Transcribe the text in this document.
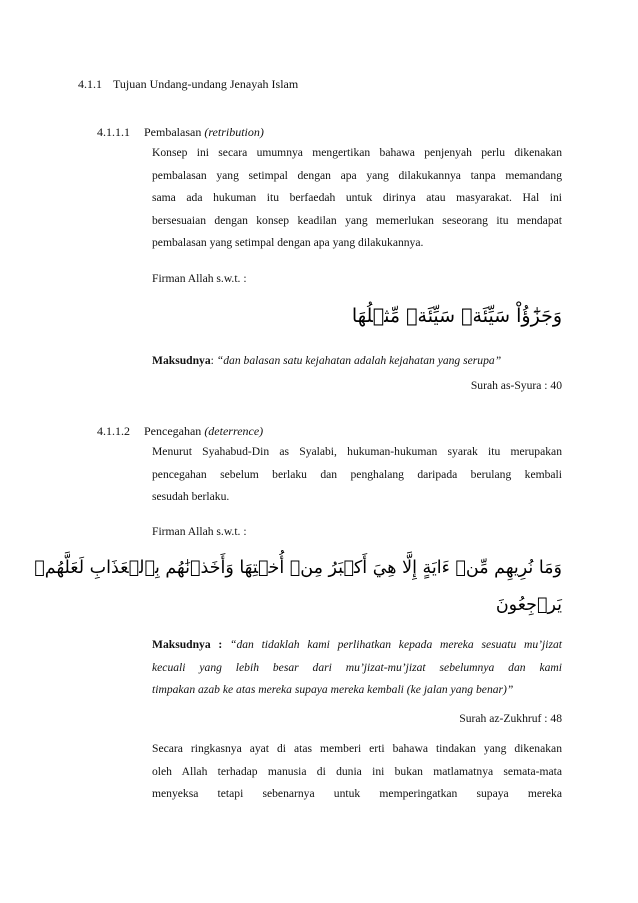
4.1.1 Tujuan Undang-undang Jenayah Islam
4.1.1.1 Pembalasan (retribution)
Konsep ini secara umumnya mengertikan bahawa penjenyah perlu dikenakan
pembalasan yang setimpal dengan apa yang dilakukannya tanpa memandang
sama ada hukuman itu berfaedah untuk dirinya atau masyarakat. Hal ini
bersesuaian dengan konsep keadilan yang memerlukan seseorang itu mendapat
pembalasan yang setimpal dengan apa yang dilakukannya.
Firman Allah s.w.t. :
وَجَزَٰٓؤُاْ سَيِّئَةٖ سَيِّئَةٞ مِّثۡلُهَا
Maksudnya: “dan balasan satu kejahatan adalah kejahatan yang serupa”
Surah as-Syura : 40
4.1.1.2 Pencegahan (deterrence)
Menurut Syahabud-Din as Syalabi, hukuman-hukuman syarak itu merupakan
pencegahan sebelum berlaku dan penghalang daripada berulang kembali
sesudah berlaku.
Firman Allah s.w.t. :
وَمَا نُرِيهِم مِّنۡ ءَايَةٍ إِلَّا هِيَ أَكۡبَرُ مِنۡ أُخۡتِهَا وَأَخَذۡنَٰهُم بِٱلۡعَذَابِ لَعَلَّهُمۡ
يَرۡجِعُونَ
Maksudnya : “dan tidaklah kami perlihatkan kepada mereka sesuatu mu’jizat
kecuali yang lebih besar dari mu’jizat-mu’jizat sebelumnya dan kami
timpakan azab ke atas mereka supaya mereka kembali (ke jalan yang benar)”
Surah az-Zukhruf : 48
Secara ringkasnya ayat di atas memberi erti bahawa tindakan yang dikenakan
oleh Allah terhadap manusia di dunia ini bukan matlamatnya semata-mata
menyeksa tetapi sebenarnya untuk memperingatkan supaya mereka
